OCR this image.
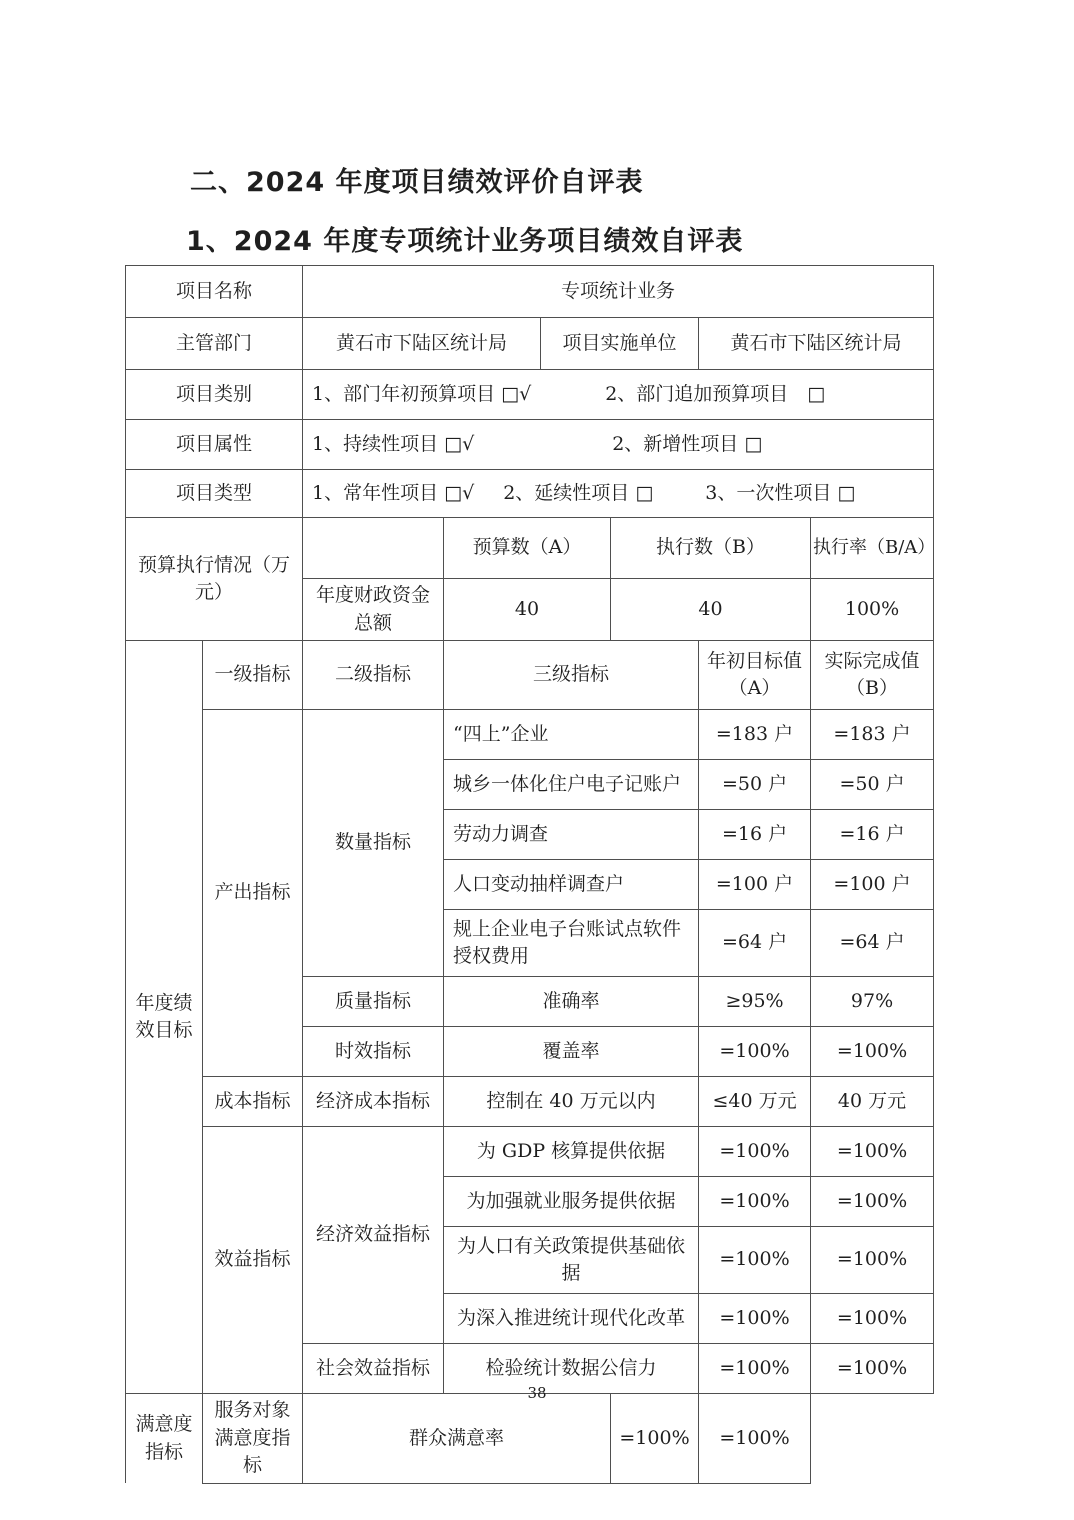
二、2024 年度项目绩效评价自评表
1、2024 年度专项统计业务项目绩效自评表
项目名称		专项统计业务					
主管部门		黄石市下陆区统计局		项目实施单位		黄石市下陆区统计局	
项目类别		1、部门年初预算项目 □√ 2、部门追加预算项目　□					

项目属性		1、持续性项目 □√ 2、新增性项目 □					

项目类型		1、常年性项目 □√ 2、延续性项目 □ 3、一次性项目 □					

预算执行情况（万元）			预算数（A）		执行数（B）		执行率（B/A）
		年度财政资金总额	40		40		100%
年度绩效目标	一级指标	二级指标	三级指标			年初目标值（A）	实际完成值（B）
	产出指标	数量指标	“四上”企业			=183 户	=183 户
			城乡一体化住户电子记账户			=50 户	=50 户
			劳动力调查			=16 户	=16 户
			人口变动抽样调查户			=100 户	=100 户
			规上企业电子台账试点软件授权费用			=64 户	=64 户
		质量指标	准确率			≥95%	97%
		时效指标	覆盖率			=100%	=100%
	成本指标	经济成本指标	控制在 40 万元以内			≤40 万元	40 万元
	效益指标	经济效益指标	为 GDP 核算提供依据			=100%	=100%
			为加强就业服务提供依据			=100%	=100%
			为人口有关政策提供基础依据			=100%	=100%
			为深入推进统计现代化改革			=100%	=100%
		社会效益指标	检验统计数据公信力			=100%	=100%
满意度指标	服务对象满意度指标	群众满意率			=100%	=100%	
38
